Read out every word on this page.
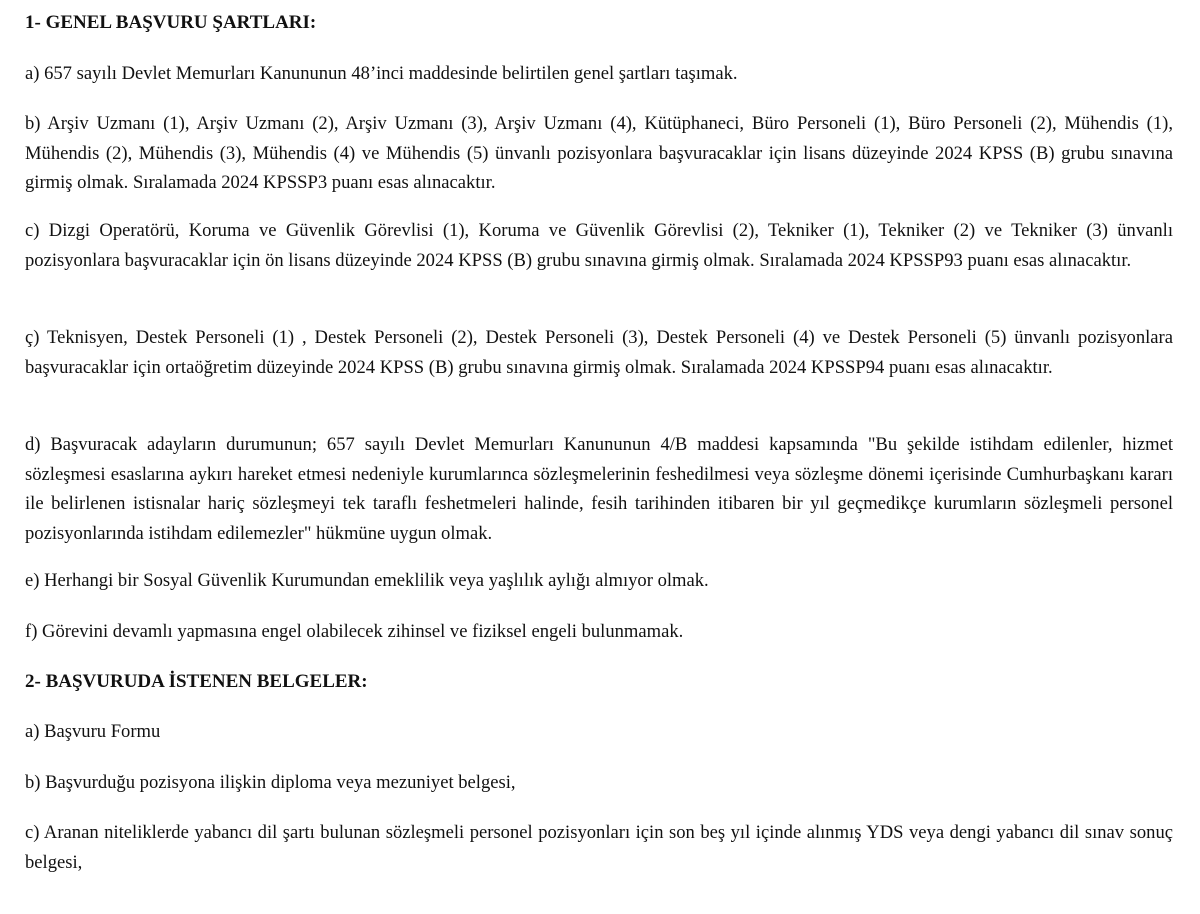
1- GENEL BAŞVURU ŞARTLARI:

a) 657 sayılı Devlet Memurları Kanununun 48’inci maddesinde belirtilen genel şartları taşımak.

b) Arşiv Uzmanı (1), Arşiv Uzmanı (2), Arşiv Uzmanı (3), Arşiv Uzmanı (4), Kütüphaneci, Büro Personeli (1), Büro Personeli (2), Mühendis (1), Mühendis (2), Mühendis (3), Mühendis (4) ve Mühendis (5) ünvanlı pozisyonlara başvuracaklar için lisans düzeyinde 2024 KPSS (B) grubu sınavına girmiş olmak. Sıralamada 2024 KPSSP3 puanı esas alınacaktır.

c) Dizgi Operatörü, Koruma ve Güvenlik Görevlisi (1), Koruma ve Güvenlik Görevlisi (2), Tekniker (1), Tekniker (2) ve Tekniker (3) ünvanlı pozisyonlara başvuracaklar için ön lisans düzeyinde 2024 KPSS (B) grubu sınavına girmiş olmak. Sıralamada 2024 KPSSP93 puanı esas alınacaktır.

ç) Teknisyen, Destek Personeli (1) , Destek Personeli (2), Destek Personeli (3), Destek Personeli (4) ve Destek Personeli (5) ünvanlı pozisyonlara başvuracaklar için ortaöğretim düzeyinde 2024 KPSS (B) grubu sınavına girmiş olmak. Sıralamada 2024 KPSSP94 puanı esas alınacaktır.

d) Başvuracak adayların durumunun; 657 sayılı Devlet Memurları Kanununun 4/B maddesi kapsamında "Bu şekilde istihdam edilenler, hizmet sözleşmesi esaslarına aykırı hareket etmesi nedeniyle kurumlarınca sözleşmelerinin feshedilmesi veya sözleşme dönemi içerisinde Cumhurbaşkanı kararı ile belirlenen istisnalar hariç sözleşmeyi tek taraflı feshetmeleri halinde, fesih tarihinden itibaren bir yıl geçmedikçe kurumların sözleşmeli personel pozisyonlarında istihdam edilemezler" hükmüne uygun olmak.

e) Herhangi bir Sosyal Güvenlik Kurumundan emeklilik veya yaşlılık aylığı almıyor olmak.

f) Görevini devamlı yapmasına engel olabilecek zihinsel ve fiziksel engeli bulunmamak.

2- BAŞVURUDA İSTENEN BELGELER:

a) Başvuru Formu

b) Başvurduğu pozisyona ilişkin diploma veya mezuniyet belgesi,

c) Aranan niteliklerde yabancı dil şartı bulunan sözleşmeli personel pozisyonları için son beş yıl içinde alınmış YDS veya dengi yabancı dil sınav sonuç belgesi,
